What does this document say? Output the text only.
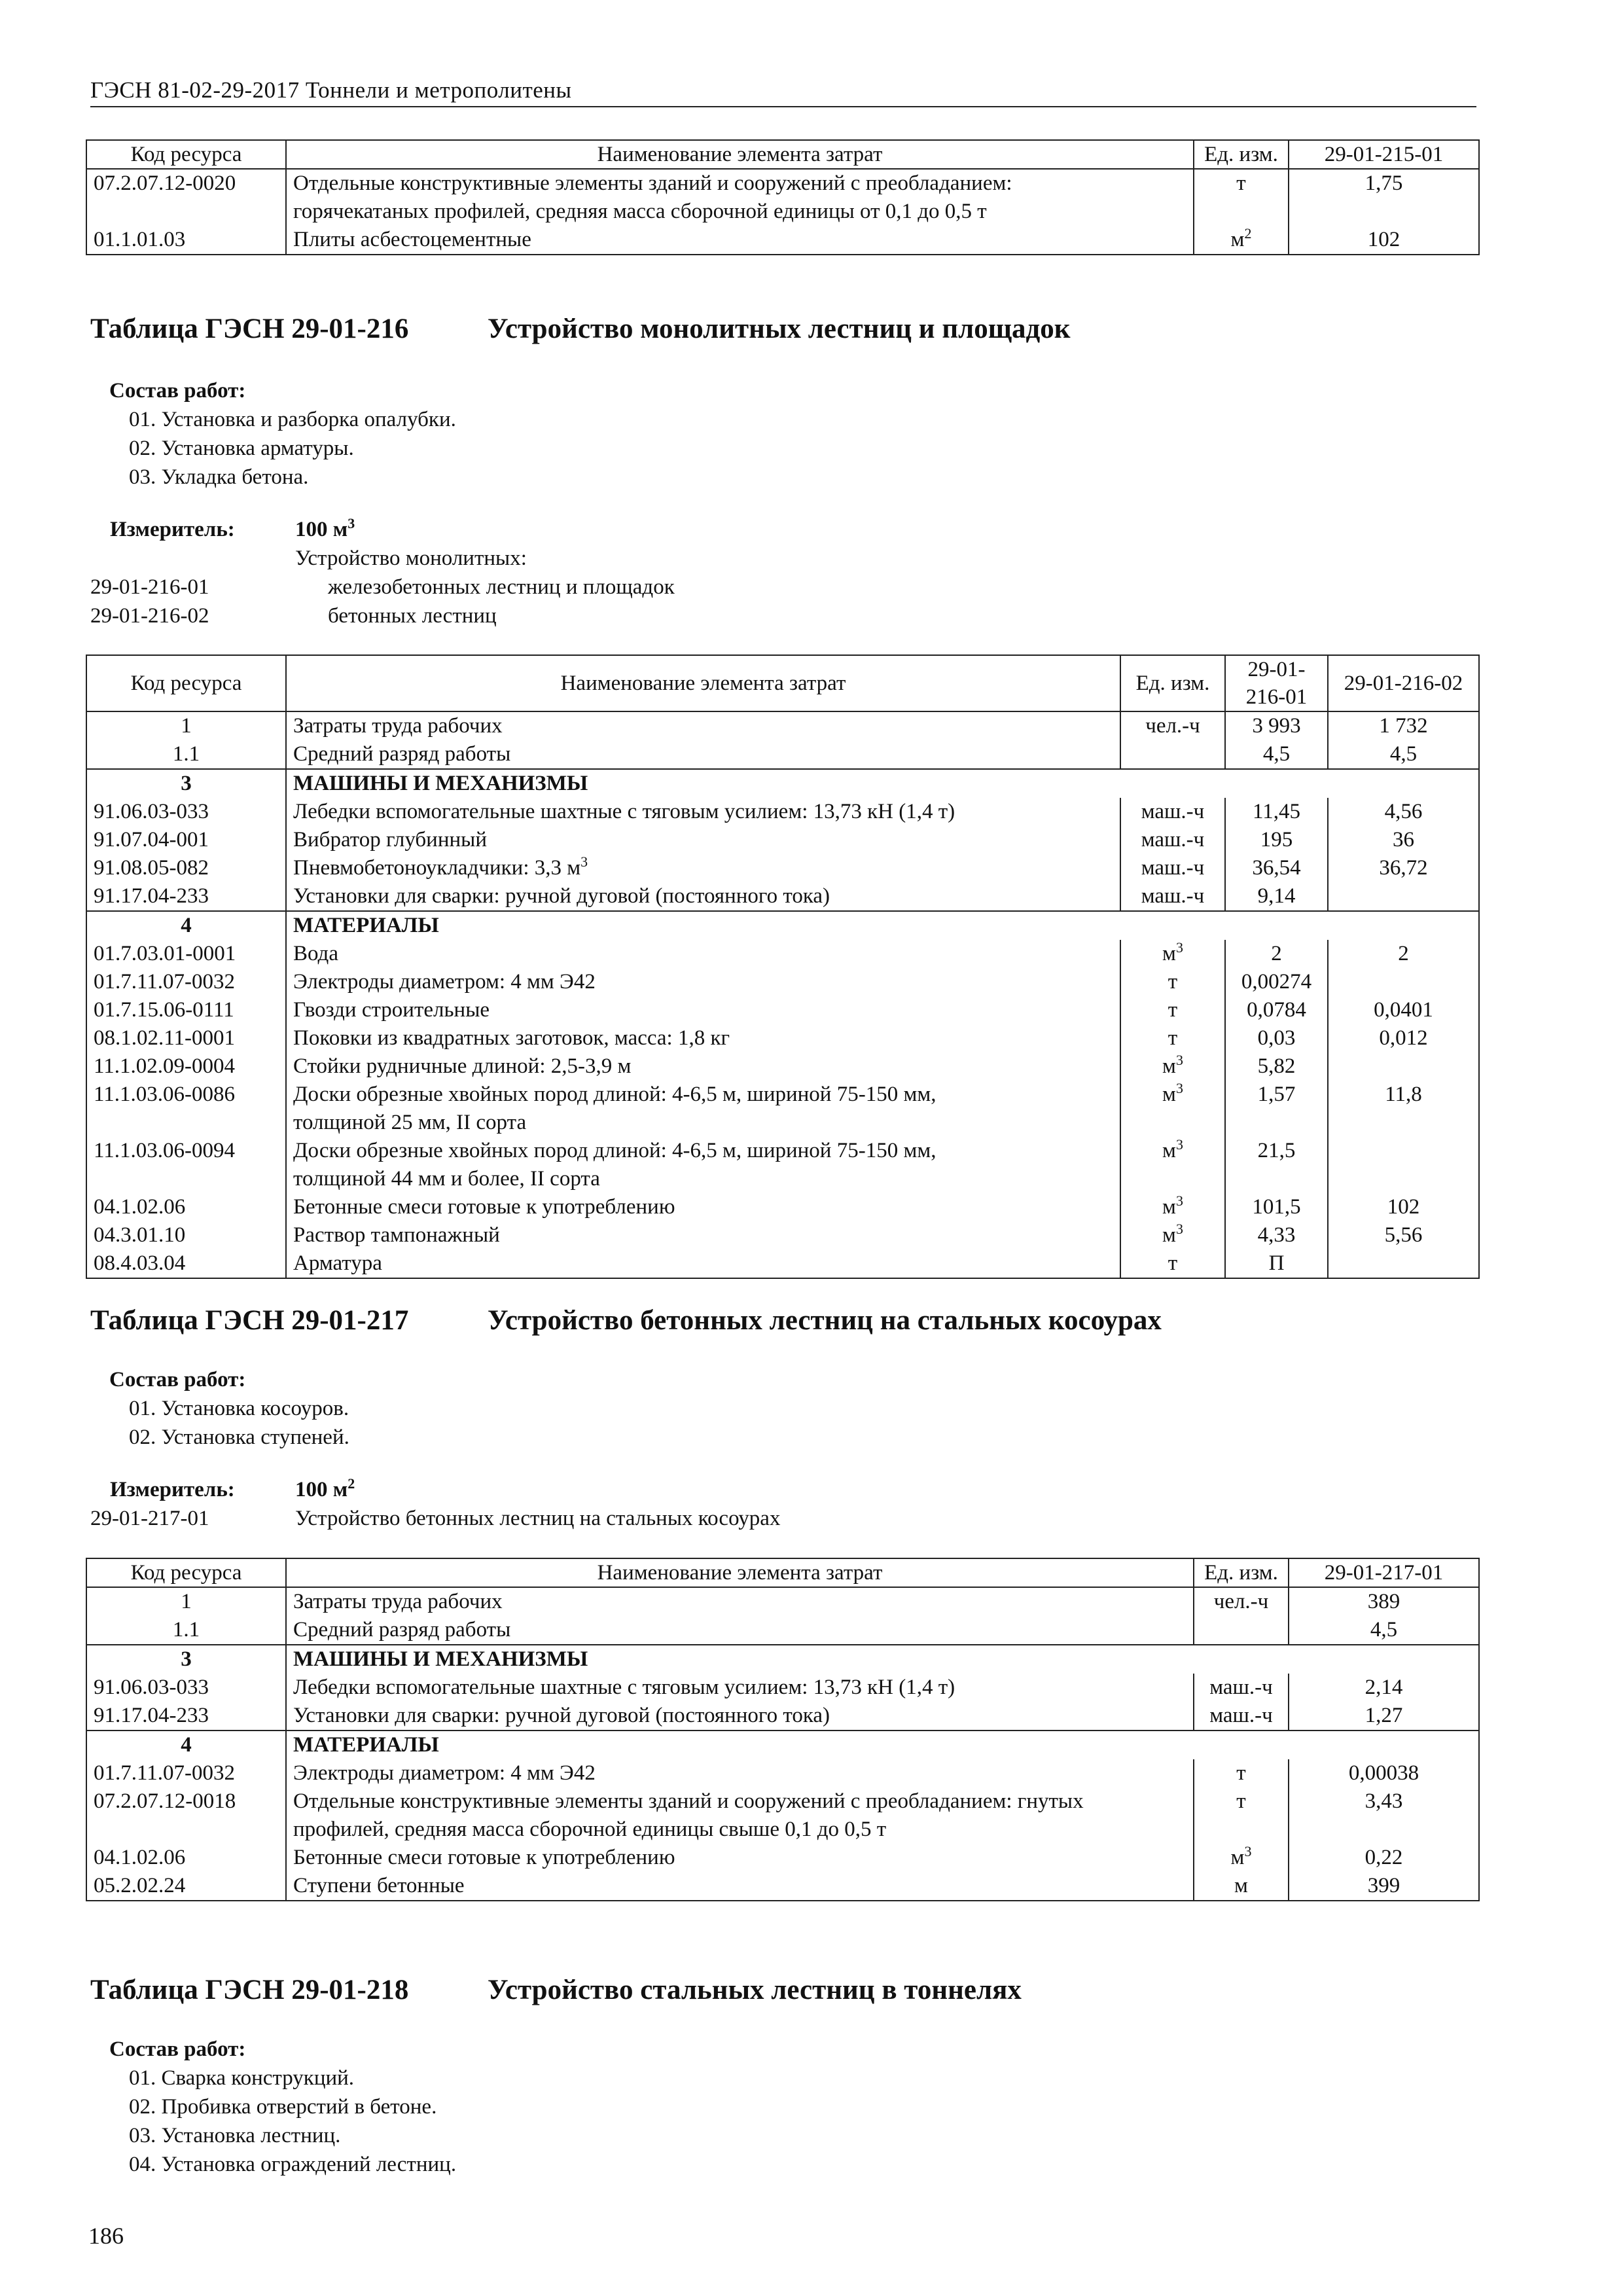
ГЭСН 81-02-29-2017 Тоннели и метрополитены
Код ресурса	Наименование элемента затрат	Ед. изм.	29-01-215-01
07.2.07.12-0020	Отдельные конструктивные элементы зданий и сооружений с преобладанием:
горячекатаных профилей, средняя масса сборочной единицы от 0,1 до 0,5 т	т	1,75
01.1.01.03	Плиты асбестоцементные	$м^2$	102
Таблица ГЭСН 29-01-216	Устройство монолитных лестниц и площадок
Состав работ:
01. Установка и разборка опалубки.
02. Установка арматуры.
03. Укладка бетона.
Измеритель:	100 $м^3$
Устройство монолитных:
29-01-216-01	железобетонных лестниц и площадок
29-01-216-02	бетонных лестниц
Код ресурса	Наименование элемента затрат	Ед. изм.	29-01-216-01	29-01-216-02
1	Затраты труда рабочих	чел.-ч	3 993	1 732
1.1	Средний разряд работы		4,5	4,5
3	МАШИНЫ И МЕХАНИЗМЫ			
91.06.03-033	Лебедки вспомогательные шахтные с тяговым усилием: 13,73 кН (1,4 т)	маш.-ч	11,45	4,56
91.07.04-001	Вибратор глубинный	маш.-ч	195	36
91.08.05-082	Пневмобетоноукладчики: 3,3 $м^3$	маш.-ч	36,54	36,72
91.17.04-233	Установки для сварки: ручной дуговой (постоянного тока)	маш.-ч	9,14	
4	МАТЕРИАЛЫ			
01.7.03.01-0001	Вода	$м^3$	2	2
01.7.11.07-0032	Электроды диаметром: 4 мм Э42	т	0,00274	
01.7.15.06-0111	Гвозди строительные	т	0,0784	0,0401
08.1.02.11-0001	Поковки из квадратных заготовок, масса: 1,8 кг	т	0,03	0,012
11.1.02.09-0004	Стойки рудничные длиной: 2,5-3,9 м	$м^3$	5,82	
11.1.03.06-0086	Доски обрезные хвойных пород длиной: 4-6,5 м, шириной 75-150 мм,
толщиной 25 мм, II сорта	$м^3$	1,57	11,8
11.1.03.06-0094	Доски обрезные хвойных пород длиной: 4-6,5 м, шириной 75-150 мм,
толщиной 44 мм и более, II сорта	$м^3$	21,5	
04.1.02.06	Бетонные смеси готовые к употреблению	$м^3$	101,5	102
04.3.01.10	Раствор тампонажный	$м^3$	4,33	5,56
08.4.03.04	Арматура	т	П	
Таблица ГЭСН 29-01-217	Устройство бетонных лестниц на стальных косоурах
Состав работ:
01. Установка косоуров.
02. Установка ступеней.
Измеритель:	100 $м^2$
29-01-217-01	Устройство бетонных лестниц на стальных косоурах
Код ресурса	Наименование элемента затрат	Ед. изм.	29-01-217-01
1	Затраты труда рабочих	чел.-ч	389
1.1	Средний разряд работы		4,5
3	МАШИНЫ И МЕХАНИЗМЫ		
91.06.03-033	Лебедки вспомогательные шахтные с тяговым усилием: 13,73 кН (1,4 т)	маш.-ч	2,14
91.17.04-233	Установки для сварки: ручной дуговой (постоянного тока)	маш.-ч	1,27
4	МАТЕРИАЛЫ		
01.7.11.07-0032	Электроды диаметром: 4 мм Э42	т	0,00038
07.2.07.12-0018	Отдельные конструктивные элементы зданий и сооружений с преобладанием: гнутых
профилей, средняя масса сборочной единицы свыше 0,1 до 0,5 т	т	3,43
04.1.02.06	Бетонные смеси готовые к употреблению	$м^3$	0,22
05.2.02.24	Ступени бетонные	м	399
Таблица ГЭСН 29-01-218	Устройство стальных лестниц в тоннелях
Состав работ:
01. Сварка конструкций.
02. Пробивка отверстий в бетоне.
03. Установка лестниц.
04. Установка ограждений лестниц.
186
